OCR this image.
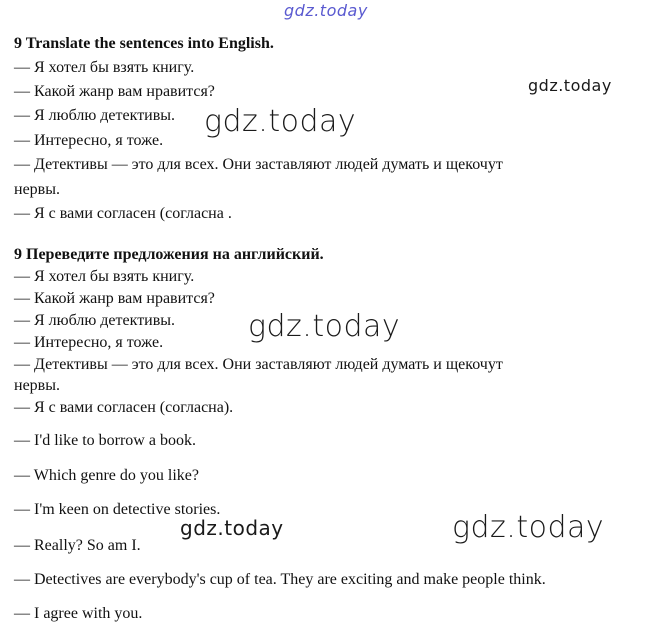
gdz.today
9 Translate the sentences into English.
— Я хотел бы взять книгу.
— Какой жанр вам нравится?
— Я люблю детективы.
— Интересно, я тоже.
— Детективы — это для всех. Они заставляют людей думать и щекочут
нервы.
— Я с вами согласен (согласна .
9 Переведите предложения на английский.
— Я хотел бы взять книгу.
— Какой жанр вам нравится?
— Я люблю детективы.
— Интересно, я тоже.
— Детективы — это для всех. Они заставляют людей думать и щекочут
нервы.
— Я с вами согласен (согласна).
— I'd like to borrow a book.
— Which genre do you like?
— I'm keen on detective stories.
— Really? So am I.
— Detectives are everybody's cup of tea. They are exciting and make people think.
— I agree with you.
gdz.today
gdz.today
gdz.today
gdz.today	gdz.today
